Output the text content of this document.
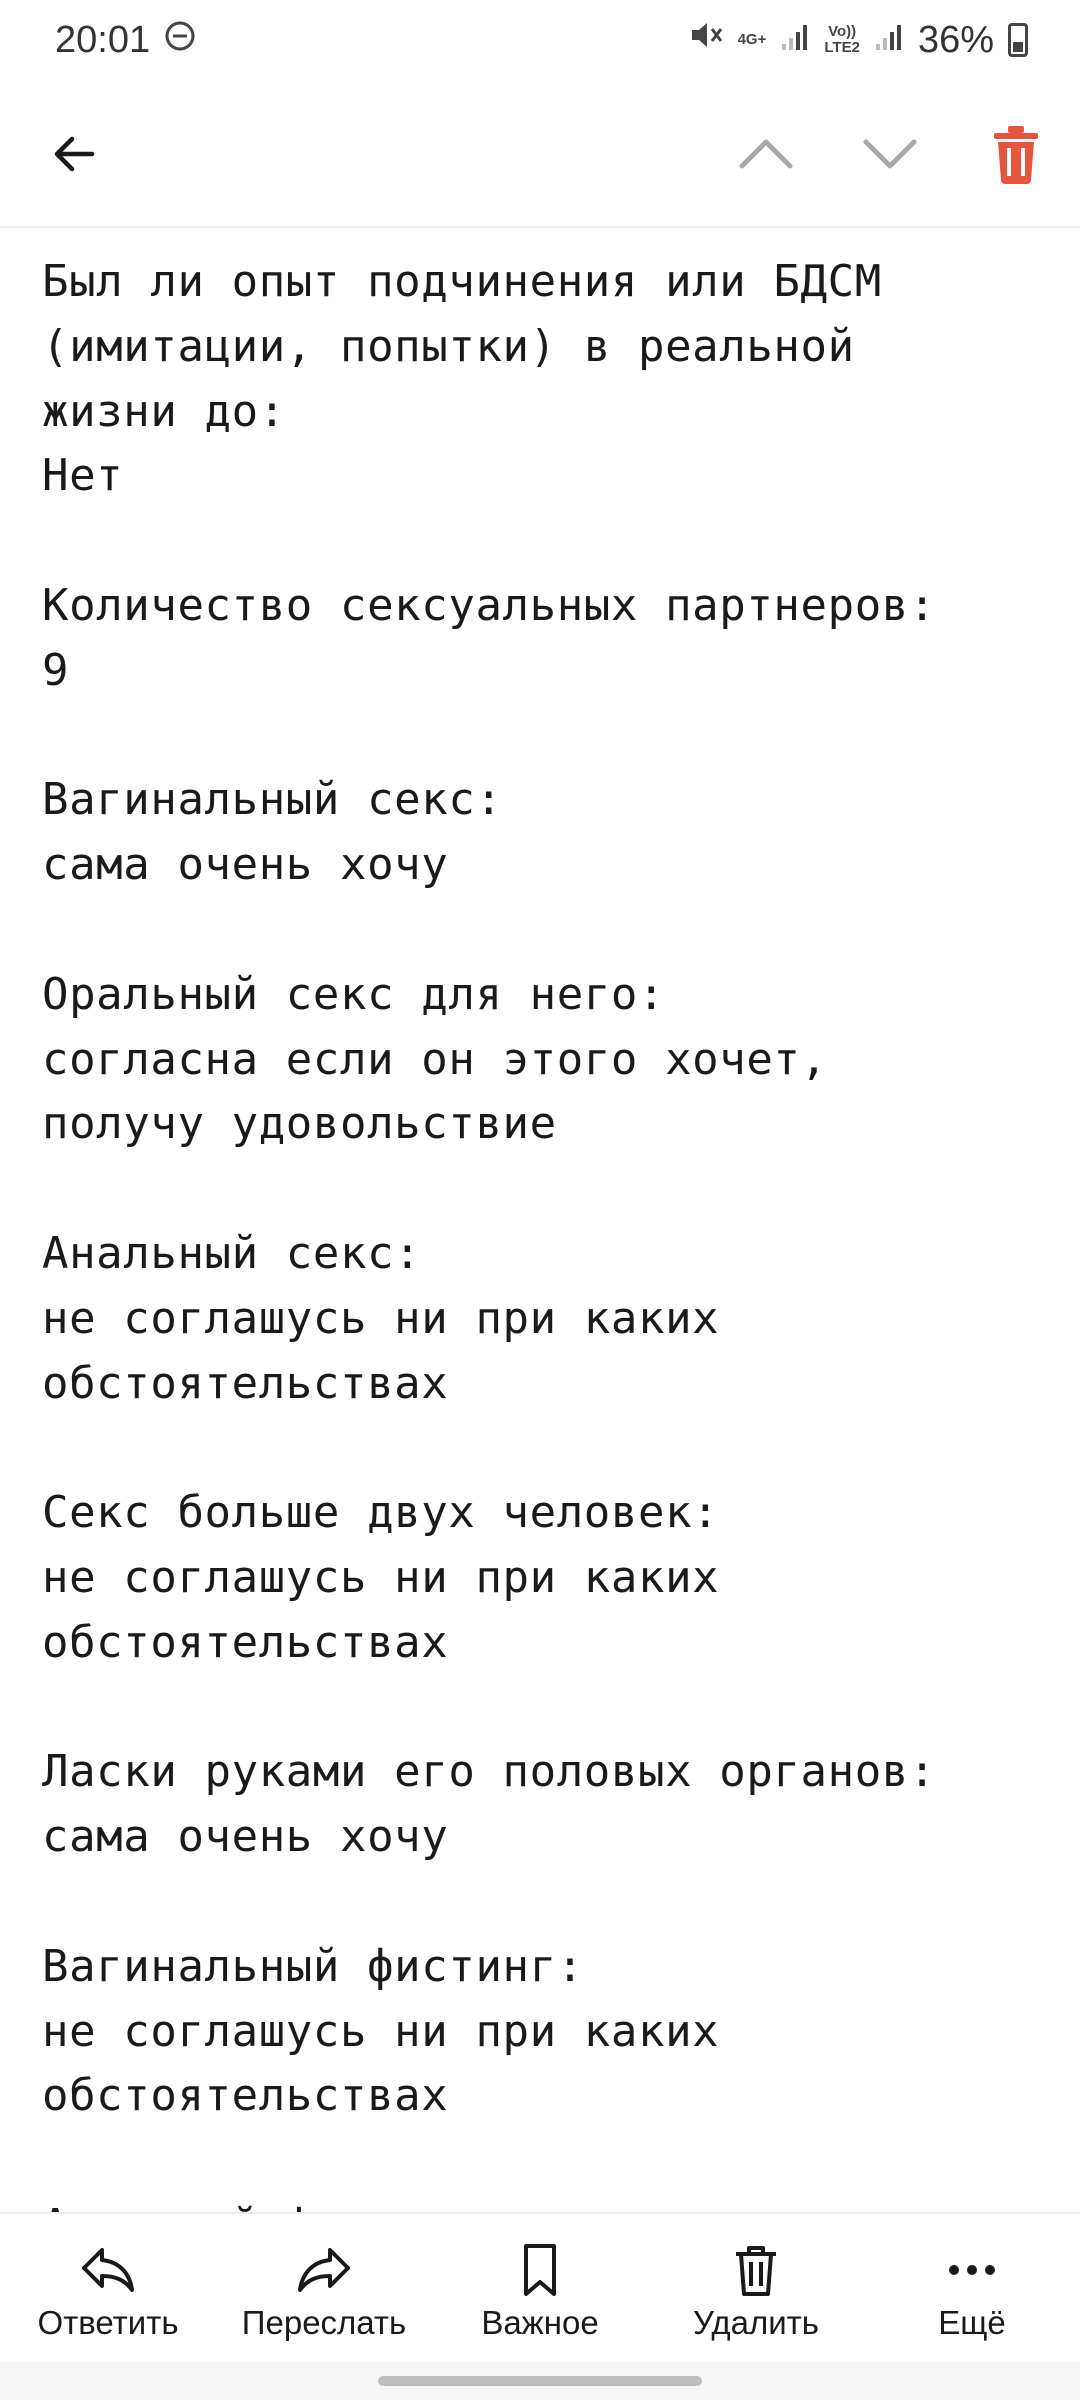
20:01	4G+	Vo))
LTE2 36%
Был ли опыт подчинения или БДСМ
(имитации, попытки) в реальной
жизни до:
Нет
Количество сексуальных партнеров:
9
Вагинальный секс:
сама очень хочу
Оральный секс для него:
согласна если он этого хочет,
получу удовольствие
Анальный секс:
не соглашусь ни при каких
обстоятельствах
Секс больше двух человек:
не соглашусь ни при каких
обстоятельствах
Ласки руками его половых органов:
сама очень хочу
Вагинальный фистинг:
не соглашусь ни при каких
обстоятельствах
Ответить Переслать Важное	Удалить	Ещё
